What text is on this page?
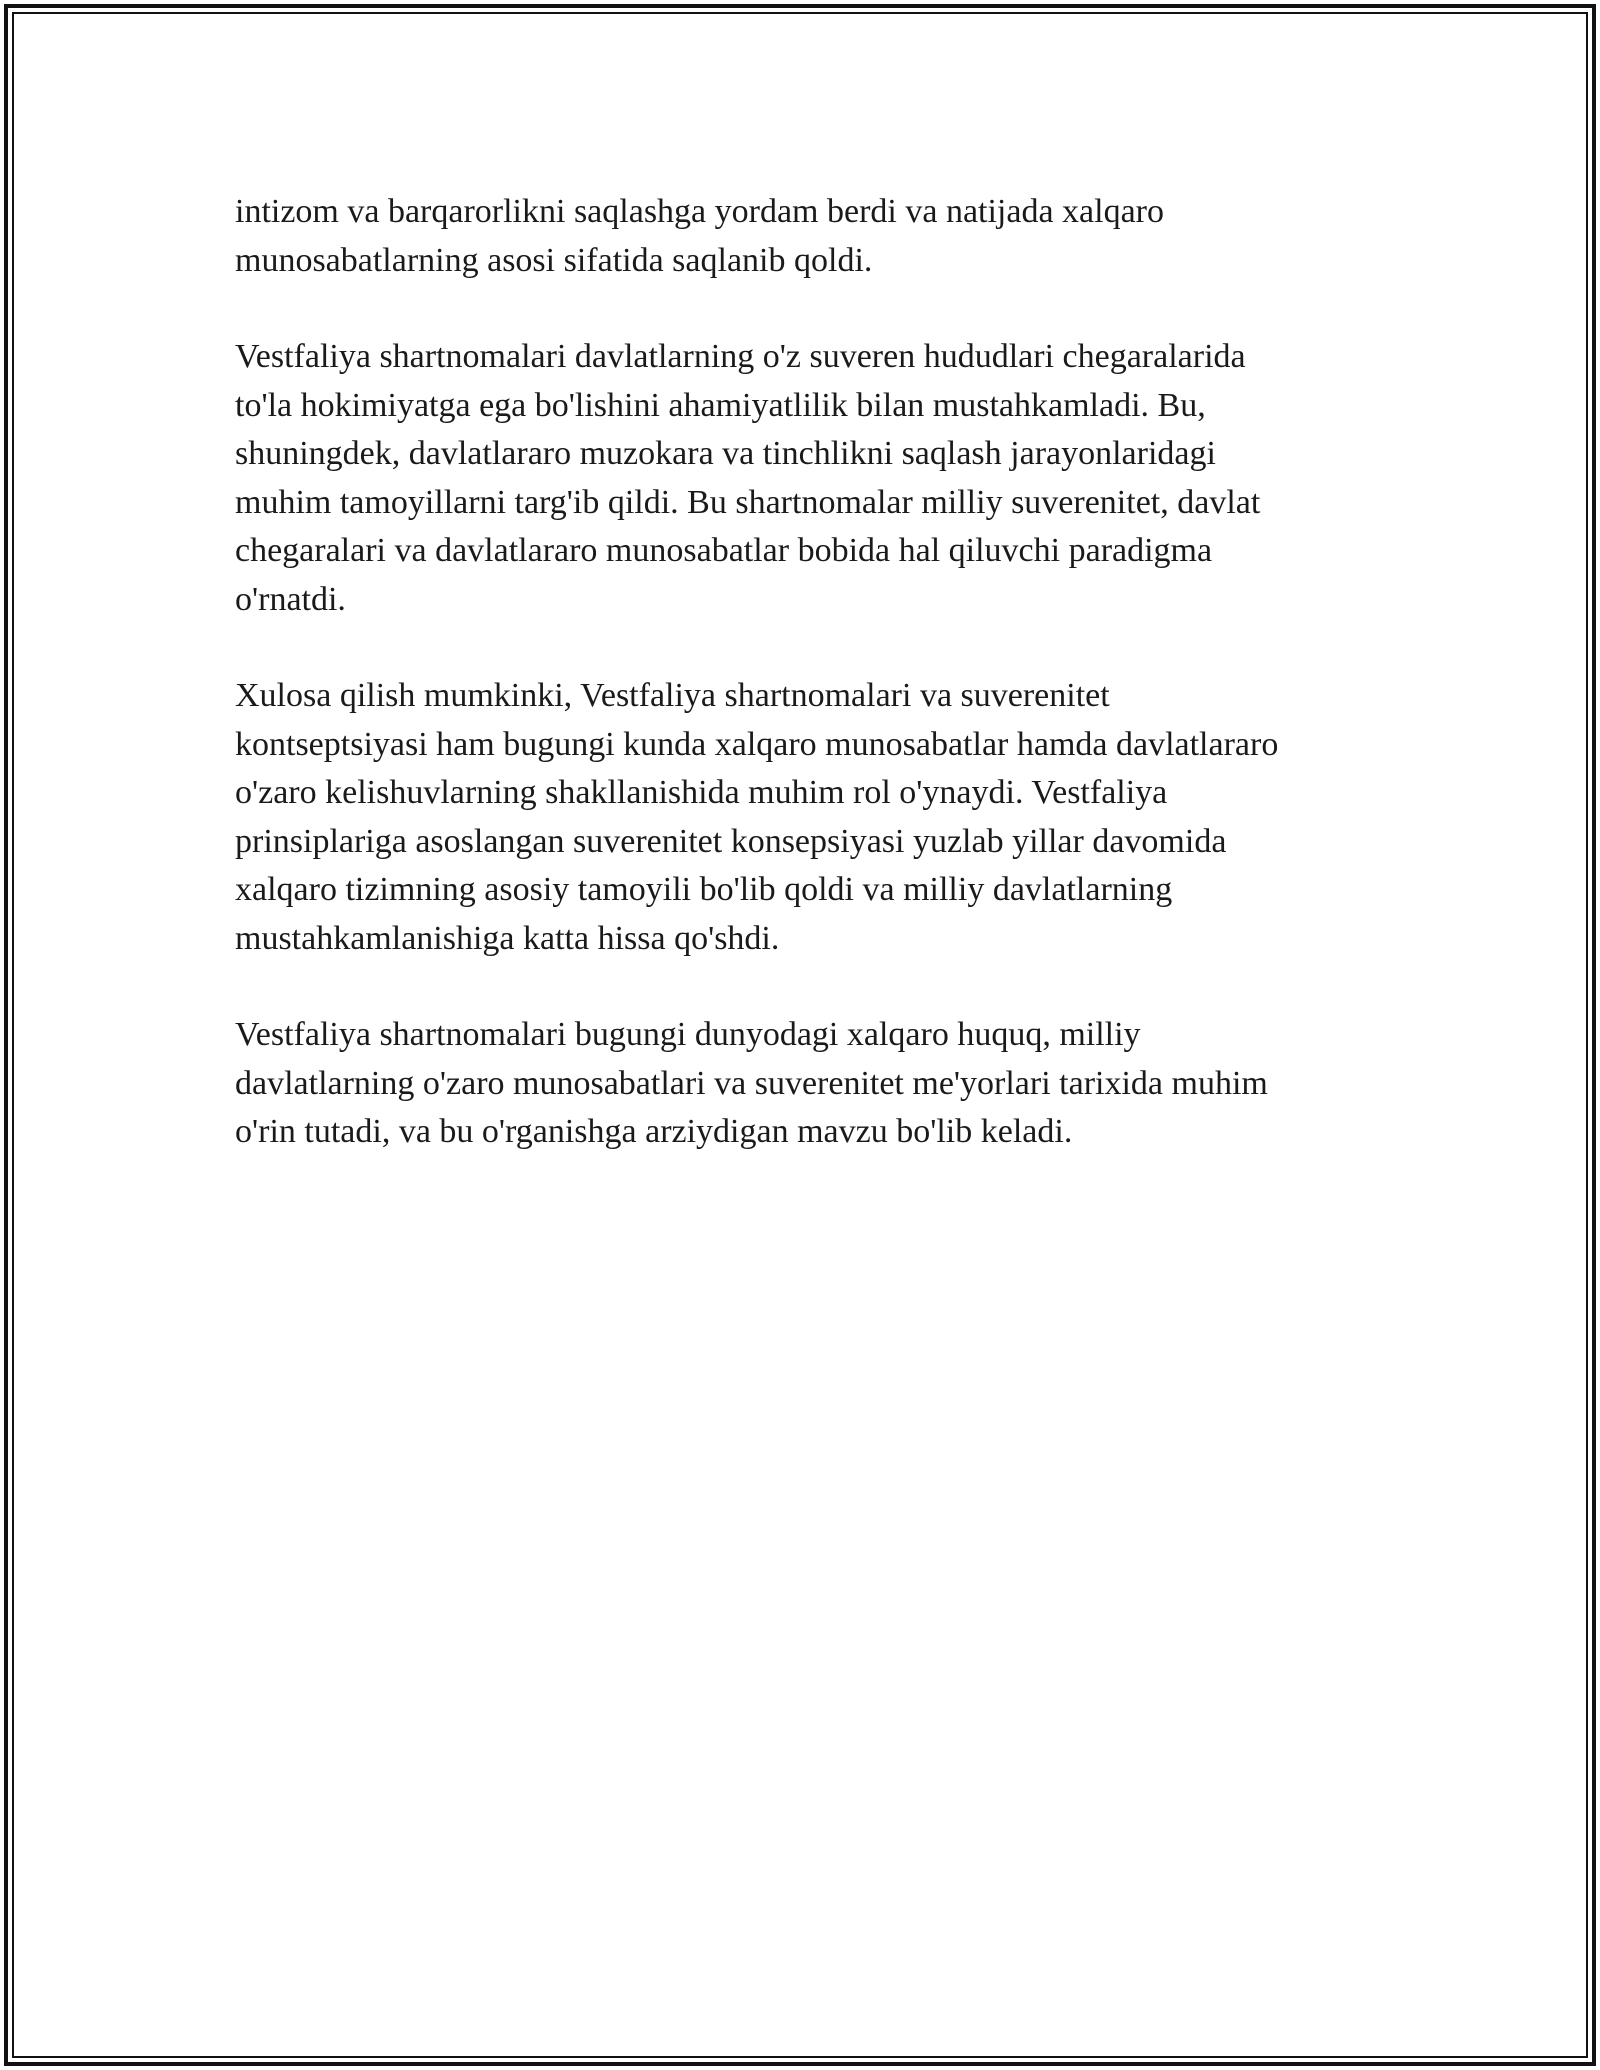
intizom va barqarorlikni saqlashga yordam berdi va natijada xalqaro
munosabatlarning asosi sifatida saqlanib qoldi.

Vestfaliya shartnomalari davlatlarning o'z suveren hududlari chegaralarida
to'la hokimiyatga ega bo'lishini ahamiyatlilik bilan mustahkamladi. Bu,
shuningdek, davlatlararo muzokara va tinchlikni saqlash jarayonlaridagi
muhim tamoyillarni targ'ib qildi. Bu shartnomalar milliy suverenitet, davlat
chegaralari va davlatlararo munosabatlar bobida hal qiluvchi paradigma
o'rnatdi.

Xulosa qilish mumkinki, Vestfaliya shartnomalari va suverenitet
kontseptsiyasi ham bugungi kunda xalqaro munosabatlar hamda davlatlararo
o'zaro kelishuvlarning shakllanishida muhim rol o'ynaydi. Vestfaliya
prinsiplariga asoslangan suverenitet konsepsiyasi yuzlab yillar davomida
xalqaro tizimning asosiy tamoyili bo'lib qoldi va milliy davlatlarning
mustahkamlanishiga katta hissa qo'shdi.

Vestfaliya shartnomalari bugungi dunyodagi xalqaro huquq, milliy
davlatlarning o'zaro munosabatlari va suverenitet me'yorlari tarixida muhim
o'rin tutadi, va bu o'rganishga arziydigan mavzu bo'lib keladi.
